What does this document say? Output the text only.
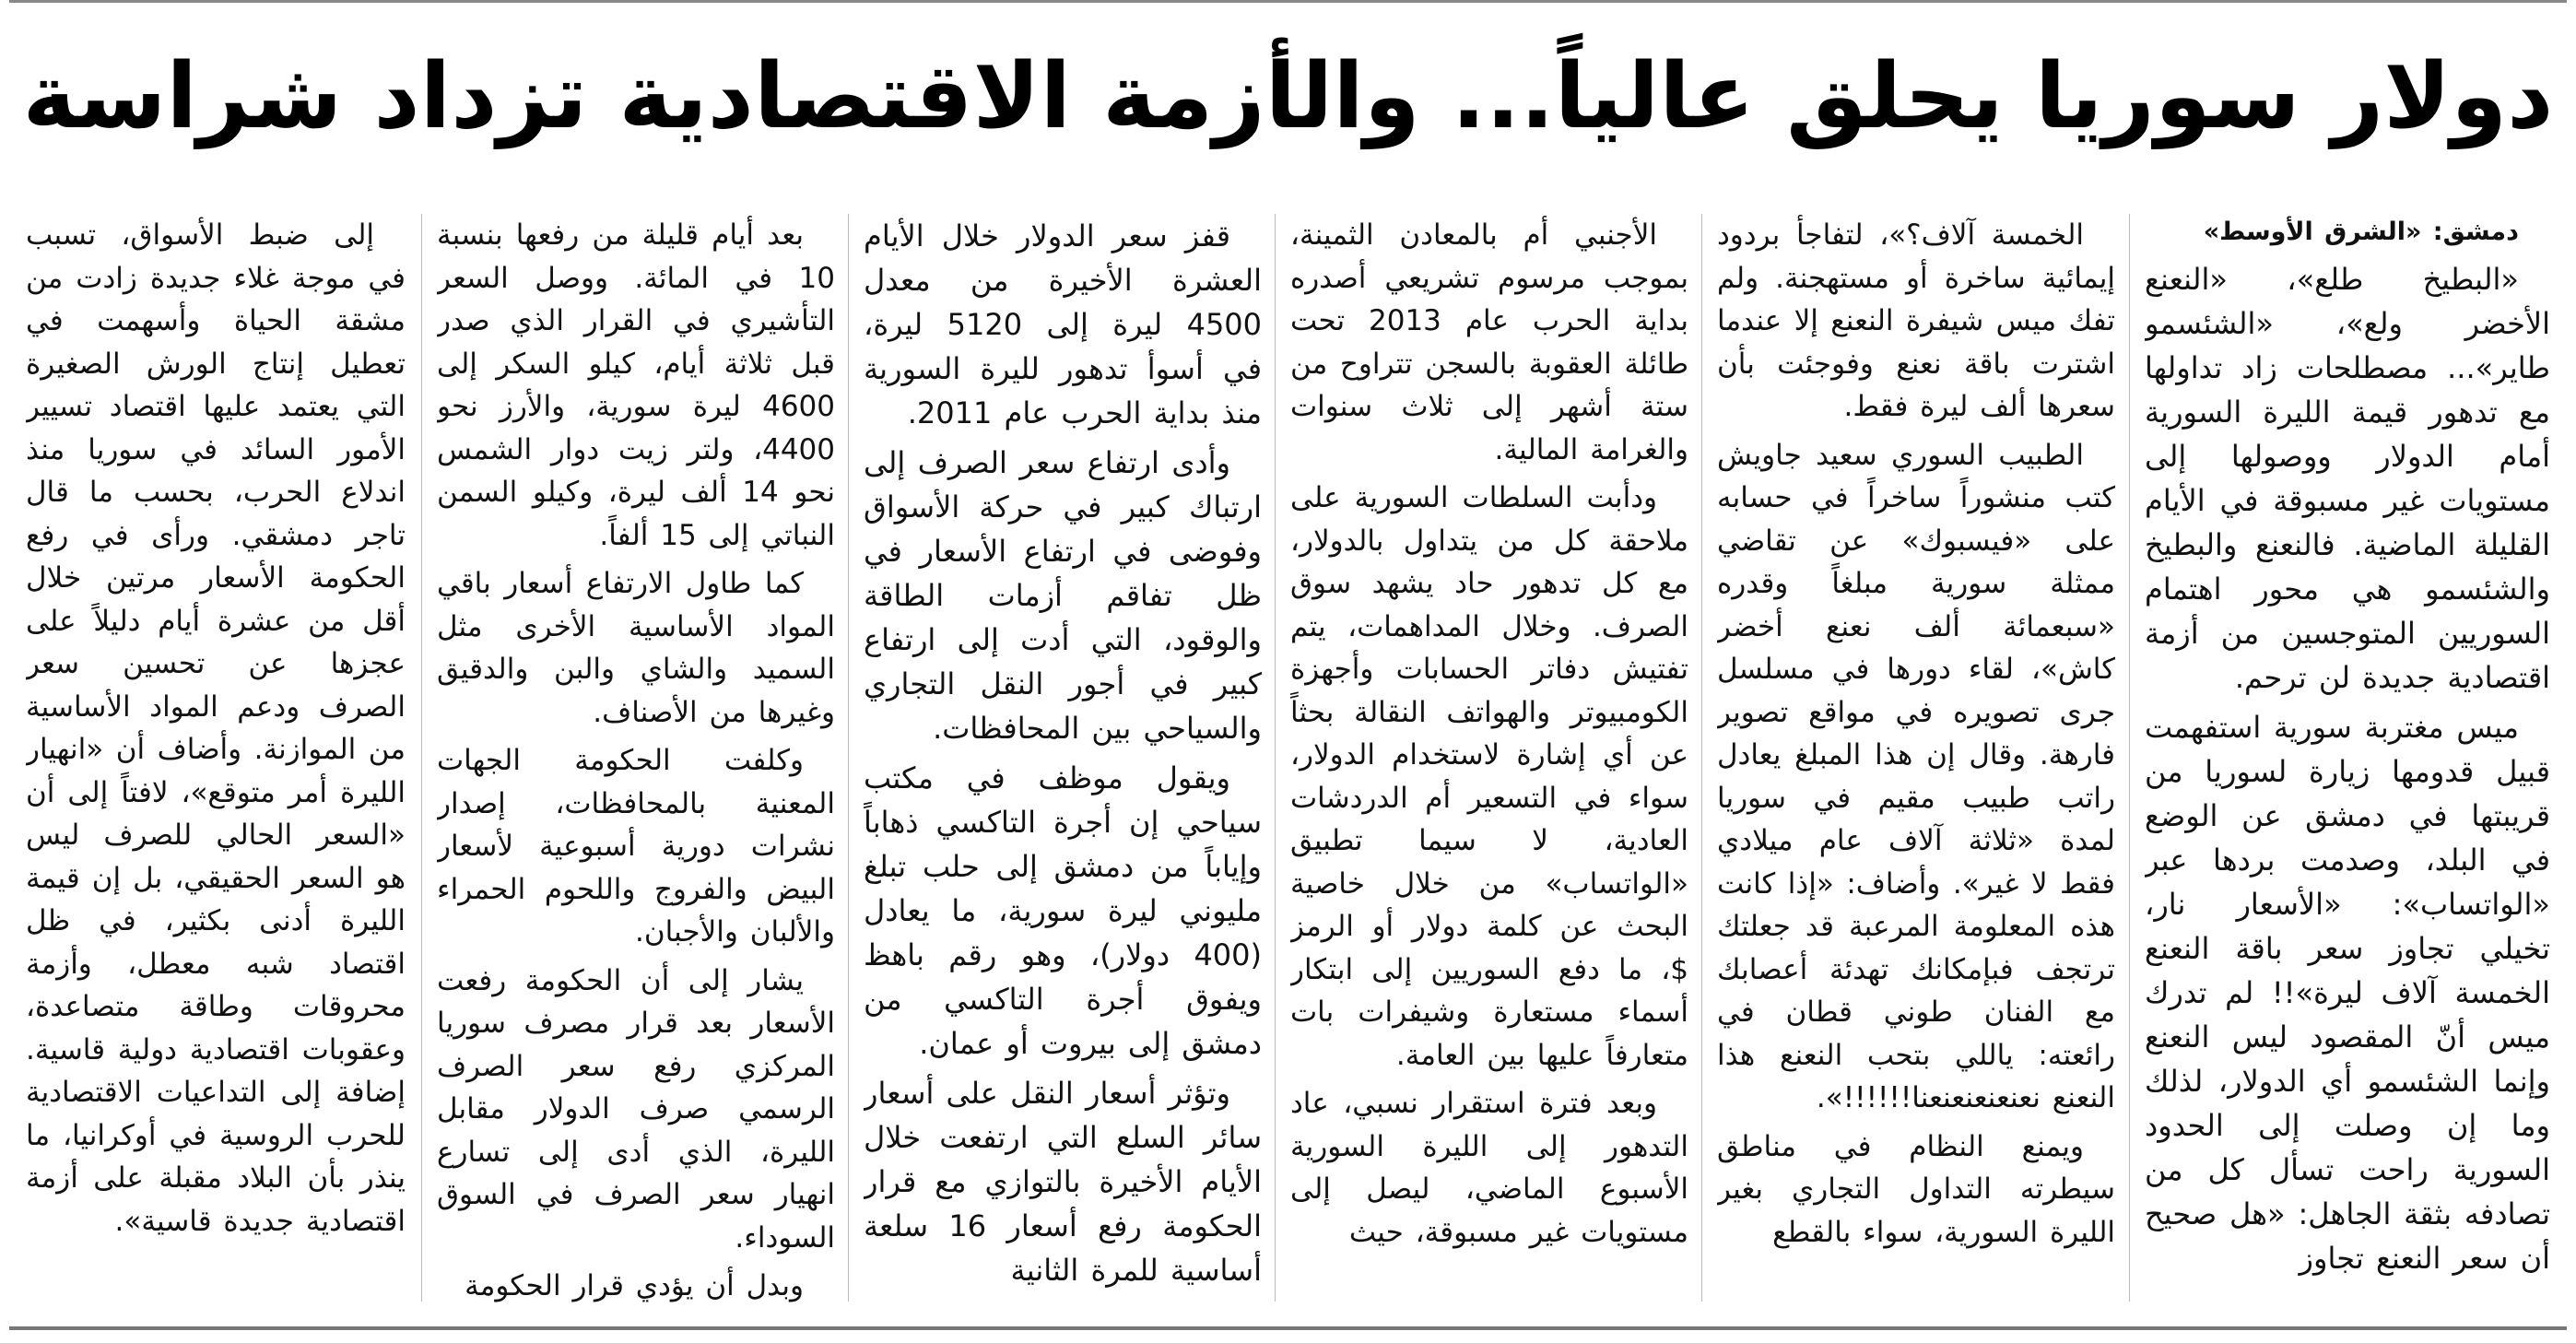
دولار سوريا يحلق عالياً... والأزمة الاقتصادية تزداد شراسة

دمشق: «الشرق الأوسط»

«البطيخ طلع»، «النعنع الأخضر ولع»، «الشئسمو طاير»... مصطلحات زاد تداولها مع تدهور قيمة الليرة السورية أمام الدولار ووصولها إلى مستويات غير مسبوقة في الأيام القليلة الماضية. فالنعنع والبطيخ والشئسمو هي محور اهتمام السوريين المتوجسين من أزمة اقتصادية جديدة لن ترحم.

ميس مغتربة سورية استفهمت قبيل قدومها زيارة لسوريا من قريبتها في دمشق عن الوضع في البلد، وصدمت بردها عبر «الواتساب»: «الأسعار نار، تخيلي تجاوز سعر باقة النعنع الخمسة آلاف ليرة»!! لم تدرك ميس أنّ المقصود ليس النعنع وإنما الشئسمو أي الدولار، لذلك وما إن وصلت إلى الحدود السورية راحت تسأل كل من تصادفه بثقة الجاهل: «هل صحيح أن سعر النعنع تجاوز

الخمسة آلاف؟»، لتفاجأ بردود إيمائية ساخرة أو مستهجنة. ولم تفك ميس شيفرة النعنع إلا عندما اشترت باقة نعنع وفوجئت بأن سعرها ألف ليرة فقط.

الطبيب السوري سعيد جاويش كتب منشوراً ساخراً في حسابه على «فيسبوك» عن تقاضي ممثلة سورية مبلغاً وقدره «سبعمائة ألف نعنع أخضر كاش»، لقاء دورها في مسلسل جرى تصويره في مواقع تصوير فارهة. وقال إن هذا المبلغ يعادل راتب طبيب مقيم في سوريا لمدة «ثلاثة آلاف عام ميلادي فقط لا غير». وأضاف: «إذا كانت هذه المعلومة المرعبة قد جعلتك ترتجف فبإمكانك تهدئة أعصابك مع الفنان طوني قطان في رائعته: ياللي بتحب النعنع هذا النعنع نعنعنعنعنعنا!!!!!!».

ويمنع النظام في مناطق سيطرته التداول التجاري بغير الليرة السورية، سواء بالقطع

الأجنبي أم بالمعادن الثمينة، بموجب مرسوم تشريعي أصدره بداية الحرب عام 2013 تحت طائلة العقوبة بالسجن تتراوح من ستة أشهر إلى ثلاث سنوات والغرامة المالية.

ودأبت السلطات السورية على ملاحقة كل من يتداول بالدولار، مع كل تدهور حاد يشهد سوق الصرف. وخلال المداهمات، يتم تفتيش دفاتر الحسابات وأجهزة الكومبيوتر والهواتف النقالة بحثاً عن أي إشارة لاستخدام الدولار، سواء في التسعير أم الدردشات العادية، لا سيما تطبيق «الواتساب» من خلال خاصية البحث عن كلمة دولار أو الرمز $، ما دفع السوريين إلى ابتكار أسماء مستعارة وشيفرات بات متعارفاً عليها بين العامة.

وبعد فترة استقرار نسبي، عاد التدهور إلى الليرة السورية الأسبوع الماضي، ليصل إلى مستويات غير مسبوقة، حيث

قفز سعر الدولار خلال الأيام العشرة الأخيرة من معدل 4500 ليرة إلى 5120 ليرة، في أسوأ تدهور لليرة السورية منذ بداية الحرب عام 2011.

وأدى ارتفاع سعر الصرف إلى ارتباك كبير في حركة الأسواق وفوضى في ارتفاع الأسعار في ظل تفاقم أزمات الطاقة والوقود، التي أدت إلى ارتفاع كبير في أجور النقل التجاري والسياحي بين المحافظات.

ويقول موظف في مكتب سياحي إن أجرة التاكسي ذهاباً وإياباً من دمشق إلى حلب تبلغ مليوني ليرة سورية، ما يعادل (400 دولار)، وهو رقم باهظ ويفوق أجرة التاكسي من دمشق إلى بيروت أو عمان.

وتؤثر أسعار النقل على أسعار سائر السلع التي ارتفعت خلال الأيام الأخيرة بالتوازي مع قرار الحكومة رفع أسعار 16 سلعة أساسية للمرة الثانية

بعد أيام قليلة من رفعها بنسبة 10 في المائة. ووصل السعر التأشيري في القرار الذي صدر قبل ثلاثة أيام، كيلو السكر إلى 4600 ليرة سورية، والأرز نحو 4400، ولتر زيت دوار الشمس نحو 14 ألف ليرة، وكيلو السمن النباتي إلى 15 ألفاً.

كما طاول الارتفاع أسعار باقي المواد الأساسية الأخرى مثل السميد والشاي والبن والدقيق وغيرها من الأصناف.

وكلفت الحكومة الجهات المعنية بالمحافظات، إصدار نشرات دورية أسبوعية لأسعار البيض والفروج واللحوم الحمراء والألبان والأجبان.

يشار إلى أن الحكومة رفعت الأسعار بعد قرار مصرف سوريا المركزي رفع سعر الصرف الرسمي صرف الدولار مقابل الليرة، الذي أدى إلى تسارع انهيار سعر الصرف في السوق السوداء.

وبدل أن يؤدي قرار الحكومة

إلى ضبط الأسواق، تسبب في موجة غلاء جديدة زادت من مشقة الحياة وأسهمت في تعطيل إنتاج الورش الصغيرة التي يعتمد عليها اقتصاد تسيير الأمور السائد في سوريا منذ اندلاع الحرب، بحسب ما قال تاجر دمشقي. ورأى في رفع الحكومة الأسعار مرتين خلال أقل من عشرة أيام دليلاً على عجزها عن تحسين سعر الصرف ودعم المواد الأساسية من الموازنة. وأضاف أن «انهيار الليرة أمر متوقع»، لافتاً إلى أن «السعر الحالي للصرف ليس هو السعر الحقيقي، بل إن قيمة الليرة أدنى بكثير، في ظل اقتصاد شبه معطل، وأزمة محروقات وطاقة متصاعدة، وعقوبات اقتصادية دولية قاسية. إضافة إلى التداعيات الاقتصادية للحرب الروسية في أوكرانيا، ما ينذر بأن البلاد مقبلة على أزمة اقتصادية جديدة قاسية».
